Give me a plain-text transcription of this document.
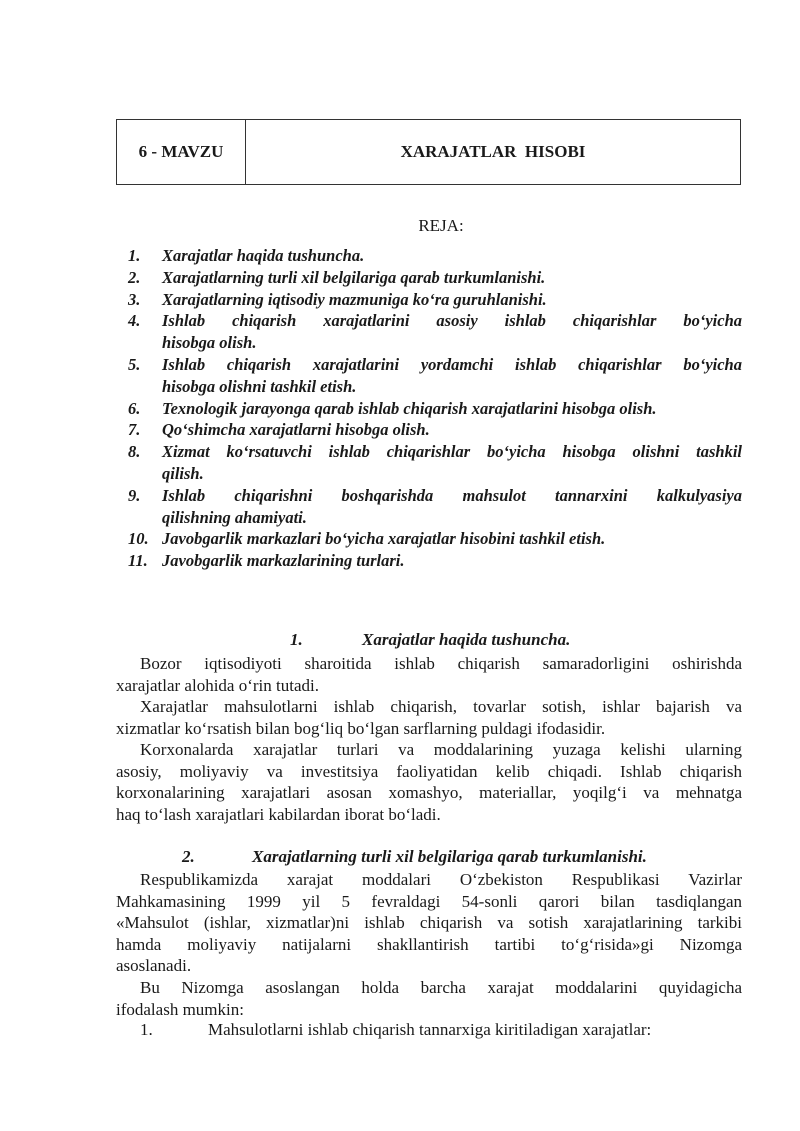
6 - MAVZU	XARAJATLAR  HISOBI
REJA:
1.	Xarajatlar haqida tushuncha.
2.	Xarajatlarning turli xil belgilariga qarab turkumlanishi.
3.	Xarajatlarning iqtisodiy mazmuniga ko‘ra guruhlanishi.
4.	Ishlab chiqarish xarajatlarini asosiy ishlab chiqarishlar bo‘yicha
hisobga olish.
5.	Ishlab chiqarish xarajatlarini yordamchi ishlab chiqarishlar bo‘yicha
hisobga olishni tashkil etish.
6.	Texnologik jarayonga qarab ishlab chiqarish xarajatlarini hisobga olish.
7.	Qo‘shimcha xarajatlarni hisobga olish.
8.	Xizmat ko‘rsatuvchi ishlab chiqarishlar bo‘yicha hisobga olishni tashkil
qilish.
9.	Ishlab chiqarishni boshqarishda mahsulot tannarxini kalkulyasiya
qilishning ahamiyati.
10. Javobgarlik markazlari bo‘yicha xarajatlar hisobini tashkil etish.
11. Javobgarlik markazlarining turlari.
1.	Xarajatlar haqida tushuncha.
Bozor iqtisodiyoti sharoitida ishlab chiqarish samaradorligini oshirishda
xarajatlar alohida o‘rin tutadi.
Xarajatlar mahsulotlarni ishlab chiqarish, tovarlar sotish, ishlar bajarish va
xizmatlar ko‘rsatish bilan bog‘liq bo‘lgan sarflarning puldagi ifodasidir.
Korxonalarda xarajatlar turlari va moddalarining yuzaga kelishi ularning
asosiy, moliyaviy va investitsiya faoliyatidan kelib chiqadi. Ishlab chiqarish
korxonalarining xarajatlari asosan xomashyo, materiallar, yoqilg‘i va mehnatga
haq to‘lash xarajatlari kabilardan iborat bo‘ladi.
2.	Xarajatlarning turli xil belgilariga qarab turkumlanishi.
Respublikamizda xarajat moddalari O‘zbekiston Respublikasi Vazirlar
Mahkamasining 1999 yil 5 fevraldagi 54-sonli qarori bilan tasdiqlangan
«Mahsulot (ishlar, xizmatlar)ni ishlab chiqarish va sotish xarajatlarining tarkibi
hamda moliyaviy natijalarni shakllantirish tartibi to‘g‘risida»gi Nizomga
asoslanadi.
Bu Nizomga asoslangan holda barcha xarajat moddalarini quyidagicha
ifodalash mumkin:
1.	Mahsulotlarni ishlab chiqarish tannarxiga kiritiladigan xarajatlar:
